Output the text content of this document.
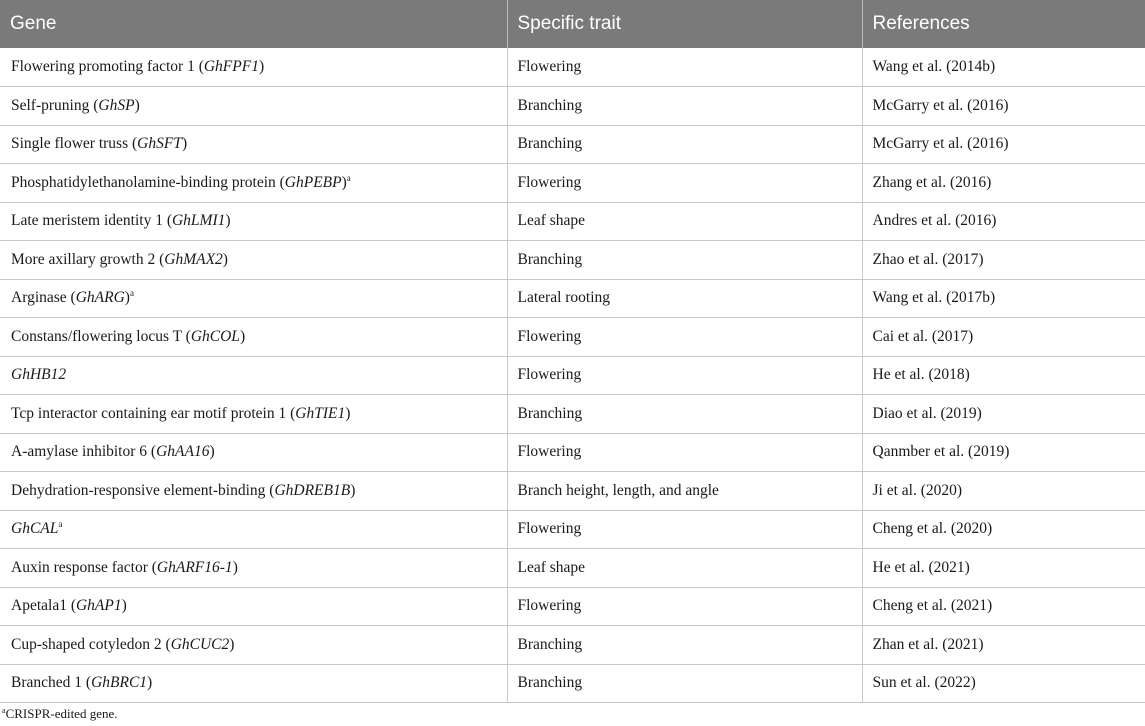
Gene	Specific trait	References
Flowering promoting factor 1 (GhFPF1)	Flowering	Wang et al. (2014b)
Self-pruning (GhSP)	Branching	McGarry et al. (2016)
Single flower truss (GhSFT)	Branching	McGarry et al. (2016)
Phosphatidylethanolamine-binding protein (GhPEBP)$^a$	Flowering	Zhang et al. (2016)
Late meristem identity 1 (GhLMI1)	Leaf shape	Andres et al. (2016)
More axillary growth 2 (GhMAX2)	Branching	Zhao et al. (2017)
Arginase (GhARG)$^a$	Lateral rooting	Wang et al. (2017b)
Constans/flowering locus T (GhCOL)	Flowering	Cai et al. (2017)
GhHB12	Flowering	He et al. (2018)
Tcp interactor containing ear motif protein 1 (GhTIE1)	Branching	Diao et al. (2019)
A-amylase inhibitor 6 (GhAA16)	Flowering	Qanmber et al. (2019)
Dehydration-responsive element-binding (GhDREB1B)	Branch height, length, and angle	Ji et al. (2020)
GhCAL$^a$	Flowering	Cheng et al. (2020)
Auxin response factor (GhARF16-1)	Leaf shape	He et al. (2021)
Apetala1 (GhAP1)	Flowering	Cheng et al. (2021)
Cup-shaped cotyledon 2 (GhCUC2)	Branching	Zhan et al. (2021)
Branched 1 (GhBRC1)	Branching	Sun et al. (2022)
$^a$CRISPR-edited gene.
